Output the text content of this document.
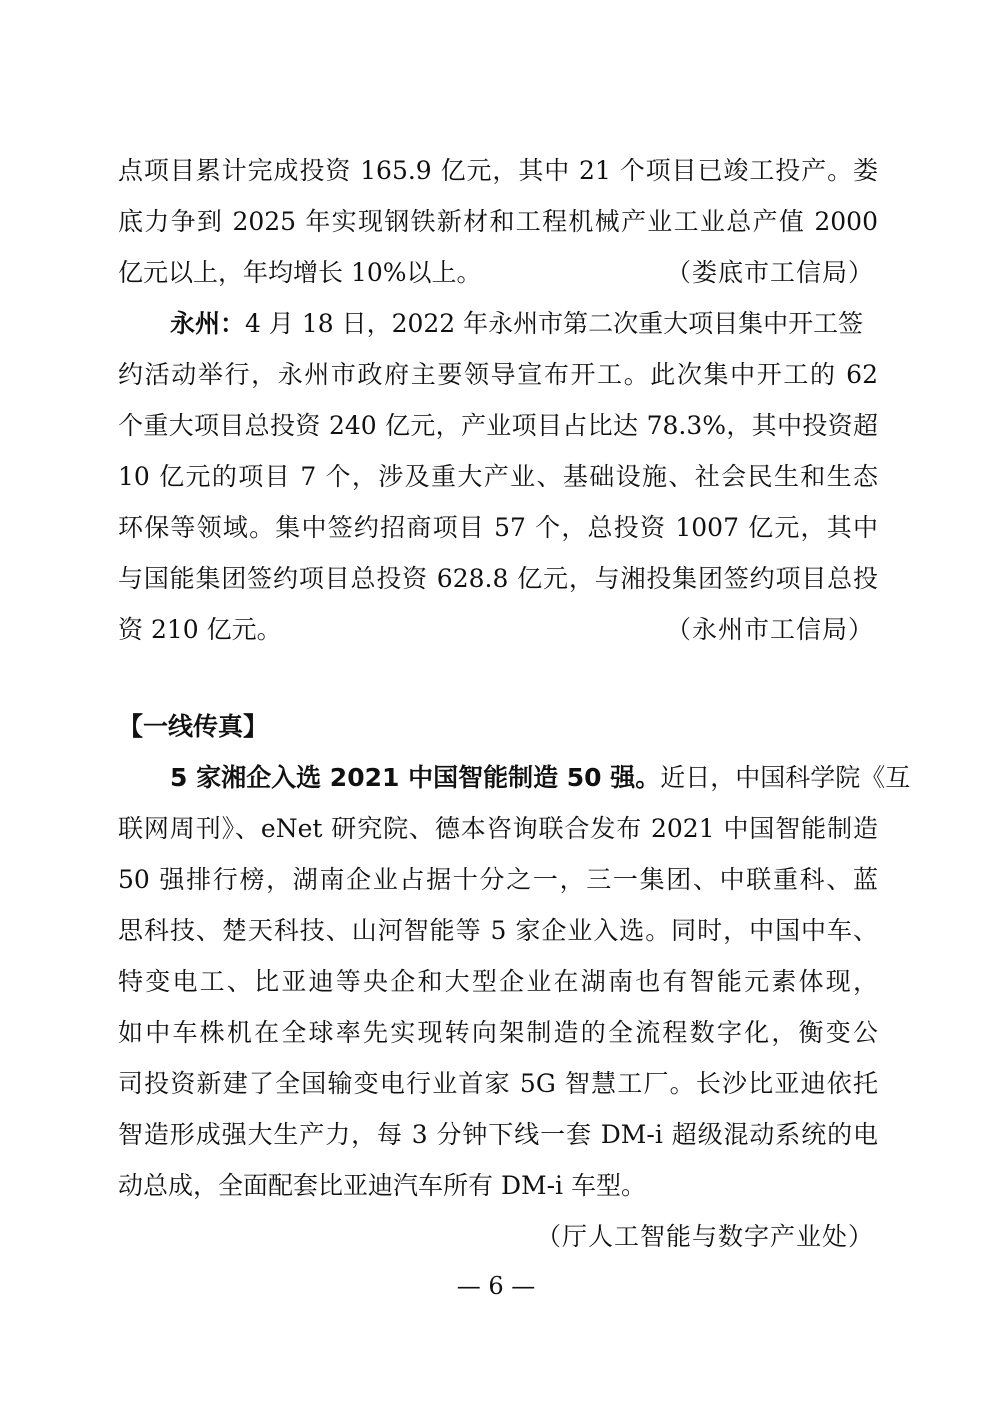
点项目累计完成投资 165.9 亿元，其中 21 个项目已竣工投产。娄
底力争到 2025 年实现钢铁新材和工程机械产业工业总产值 2000
亿元以上，年均增长 10%以上。	（娄底市工信局）
永州：4 月 18 日，2022 年永州市第二次重大项目集中开工签
约活动举行，永州市政府主要领导宣布开工。此次集中开工的 62
个重大项目总投资 240 亿元，产业项目占比达 78.3%，其中投资超
10 亿元的项目 7 个，涉及重大产业、基础设施、社会民生和生态
环保等领域。集中签约招商项目 57 个，总投资 1007 亿元，其中
与国能集团签约项目总投资 628.8 亿元，与湘投集团签约项目总投
资 210 亿元。	（永州市工信局）
【一线传真】
5 家湘企入选 2021 中国智能制造 50 强。近日，中国科学院《互
联网周刊》、eNet 研究院、德本咨询联合发布 2021 中国智能制造
50 强排行榜，湖南企业占据十分之一，三一集团、中联重科、蓝
思科技、楚天科技、山河智能等 5 家企业入选。同时，中国中车、
特变电工、比亚迪等央企和大型企业在湖南也有智能元素体现，
如中车株机在全球率先实现转向架制造的全流程数字化，衡变公
司投资新建了全国输变电行业首家 5G 智慧工厂。长沙比亚迪依托
智造形成强大生产力，每 3 分钟下线一套 DM-i 超级混动系统的电
动总成，全面配套比亚迪汽车所有 DM-i 车型。
（厅人工智能与数字产业处）
— 6 —
